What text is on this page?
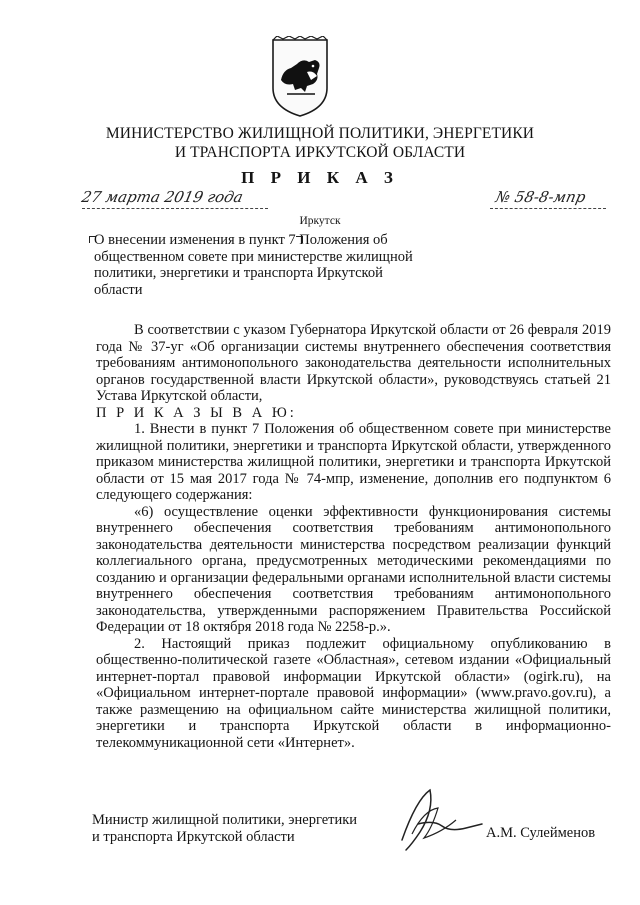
МИНИСТЕРСТВО ЖИЛИЩНОЙ ПОЛИТИКИ, ЭНЕРГЕТИКИ
И ТРАНСПОРТА ИРКУТСКОЙ ОБЛАСТИ
П Р И К А З
27 марта 2019 года	№ 58-8-мпр
Иркутск
О внесении изменения в пункт 7 Положения об общественном совете при министерстве жилищной политики, энергетики и транспорта Иркутской области

В соответствии с указом Губернатора Иркутской области от 26 февраля 2019 года № 37-уг «Об организации системы внутреннего обеспечения соответствия требованиям антимонопольного законодательства деятельности исполнительных органов государственной власти Иркутской области», руководствуясь статьей 21 Устава Иркутской области,

П Р И К А З Ы В А Ю:

1. Внести в пункт 7 Положения об общественном совете при министерстве жилищной политики, энергетики и транспорта Иркутской области, утвержденного приказом министерства жилищной политики, энергетики и транспорта Иркутской области от 15 мая 2017 года № 74-мпр, изменение, дополнив его подпунктом 6 следующего содержания:

«6) осуществление оценки эффективности функционирования системы внутреннего обеспечения соответствия требованиям антимонопольного законодательства деятельности министерства посредством реализации функций коллегиального органа, предусмотренных методическими рекомендациями по созданию и организации федеральными органами исполнительной власти системы внутреннего обеспечения соответствия требованиям антимонопольного законодательства, утвержденными распоряжением Правительства Российской Федерации от 18 октября 2018 года № 2258-р.».

2. Настоящий приказ подлежит официальному опубликованию в общественно-политической газете «Областная», сетевом издании «Официальный интернет-портал правовой информации Иркутской области» (ogirk.ru), на «Официальном интернет-портале правовой информации» (www.pravo.gov.ru), а также размещению на официальном сайте министерства жилищной политики, энергетики и транспорта Иркутской области в информационно-телекоммуникационной сети «Интернет».

Министр жилищной политики, энергетики
и транспорта Иркутской области	А.М. Сулейменов
